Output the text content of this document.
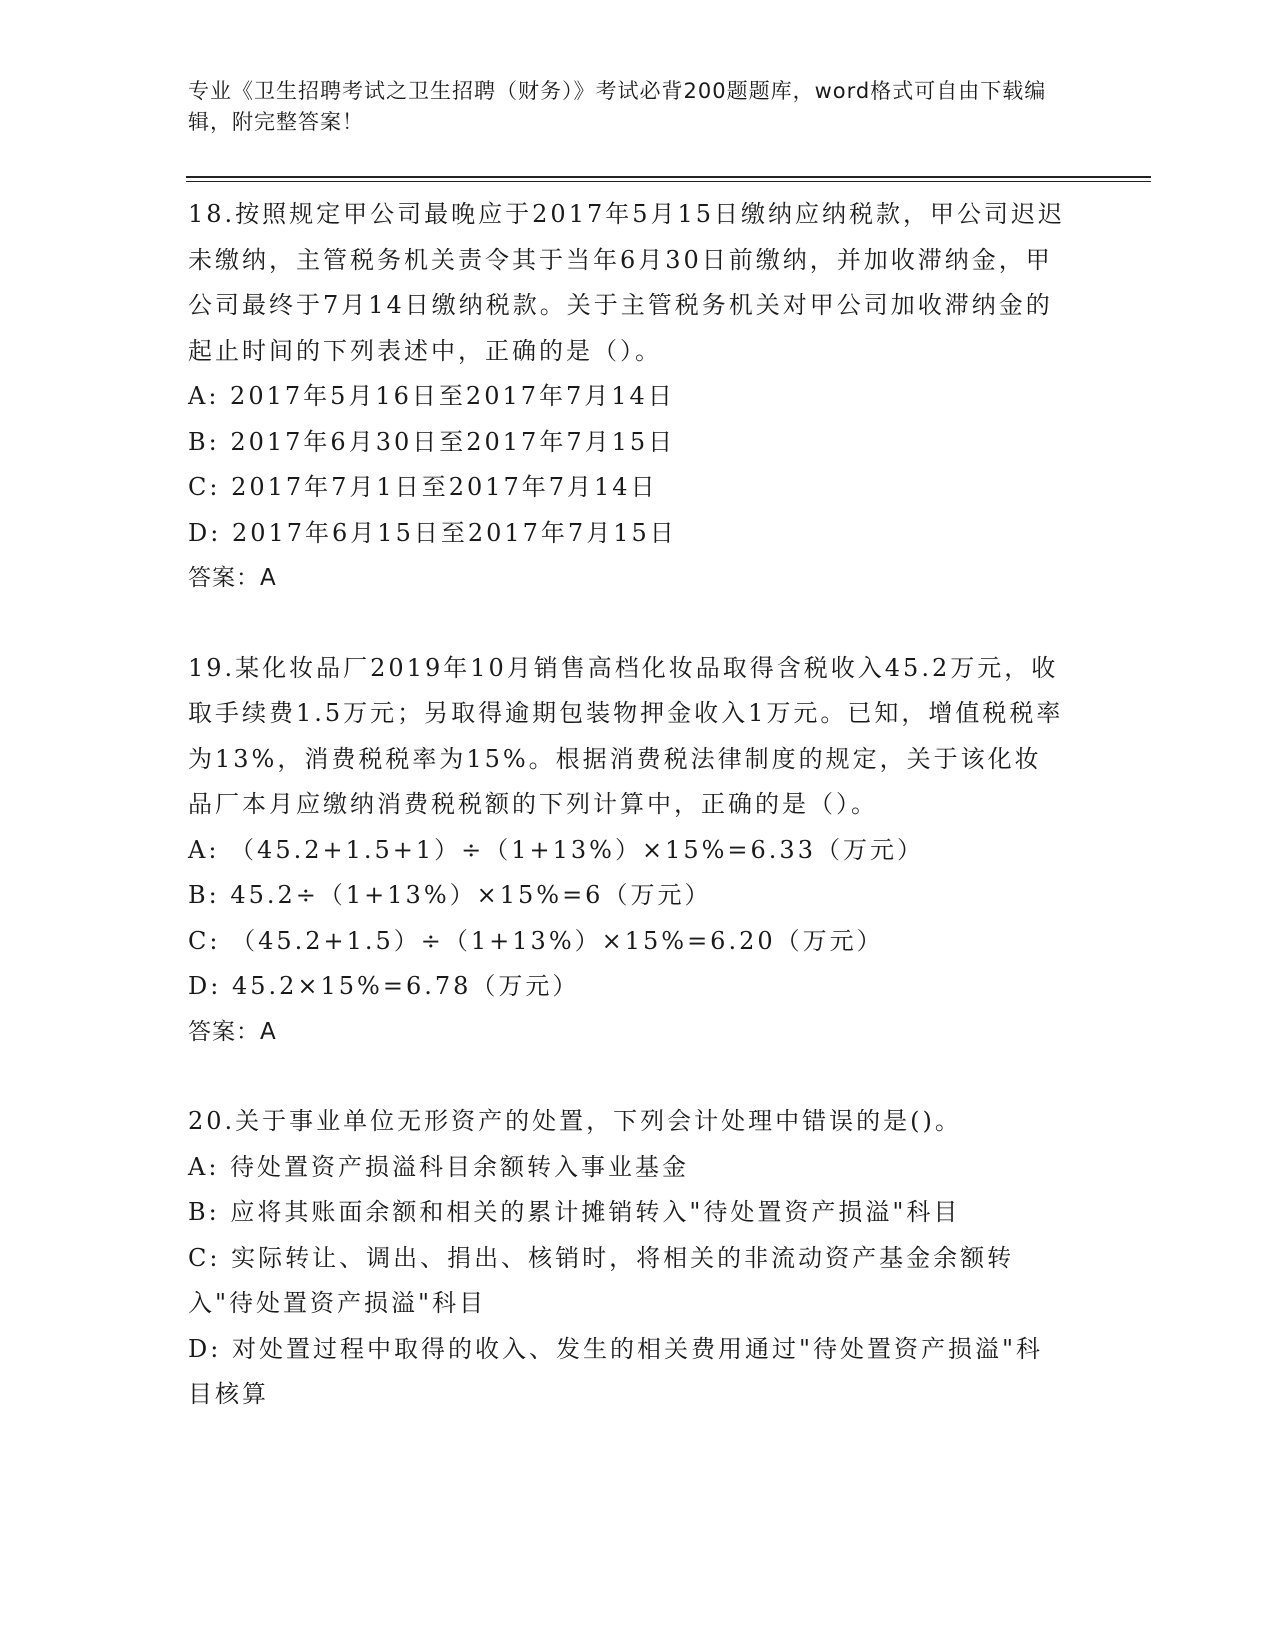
专业《卫生招聘考试之卫生招聘（财务）》考试必背200题题库，word格式可自由下载编辑，附完整答案！
18.按照规定甲公司最晚应于2017年5月15日缴纳应纳税款，甲公司迟迟未缴纳，主管税务机关责令其于当年6月30日前缴纳，并加收滞纳金，甲公司最终于7月14日缴纳税款。关于主管税务机关对甲公司加收滞纳金的起止时间的下列表述中，正确的是（）。
A: 2017年5月16日至2017年7月14日
B: 2017年6月30日至2017年7月15日
C: 2017年7月1日至2017年7月14日
D: 2017年6月15日至2017年7月15日
答案：A
19.某化妆品厂2019年10月销售高档化妆品取得含税收入45.2万元，收取手续费1.5万元；另取得逾期包装物押金收入1万元。已知，增值税税率为13%，消费税税率为15%。根据消费税法律制度的规定，关于该化妆品厂本月应缴纳消费税税额的下列计算中，正确的是（）。
A: （45.2+1.5+1）÷（1+13%）×15%=6.33（万元）
B: 45.2÷（1+13%）×15%=6（万元）
C: （45.2+1.5）÷（1+13%）×15%=6.20（万元）
D: 45.2×15%=6.78（万元）
答案：A
20.关于事业单位无形资产的处置，下列会计处理中错误的是()。
A: 待处置资产损溢科目余额转入事业基金
B: 应将其账面余额和相关的累计摊销转入"待处置资产损溢"科目
C: 实际转让、调出、捐出、核销时，将相关的非流动资产基金余额转入"待处置资产损溢"科目
D: 对处置过程中取得的收入、发生的相关费用通过"待处置资产损溢"科目核算
